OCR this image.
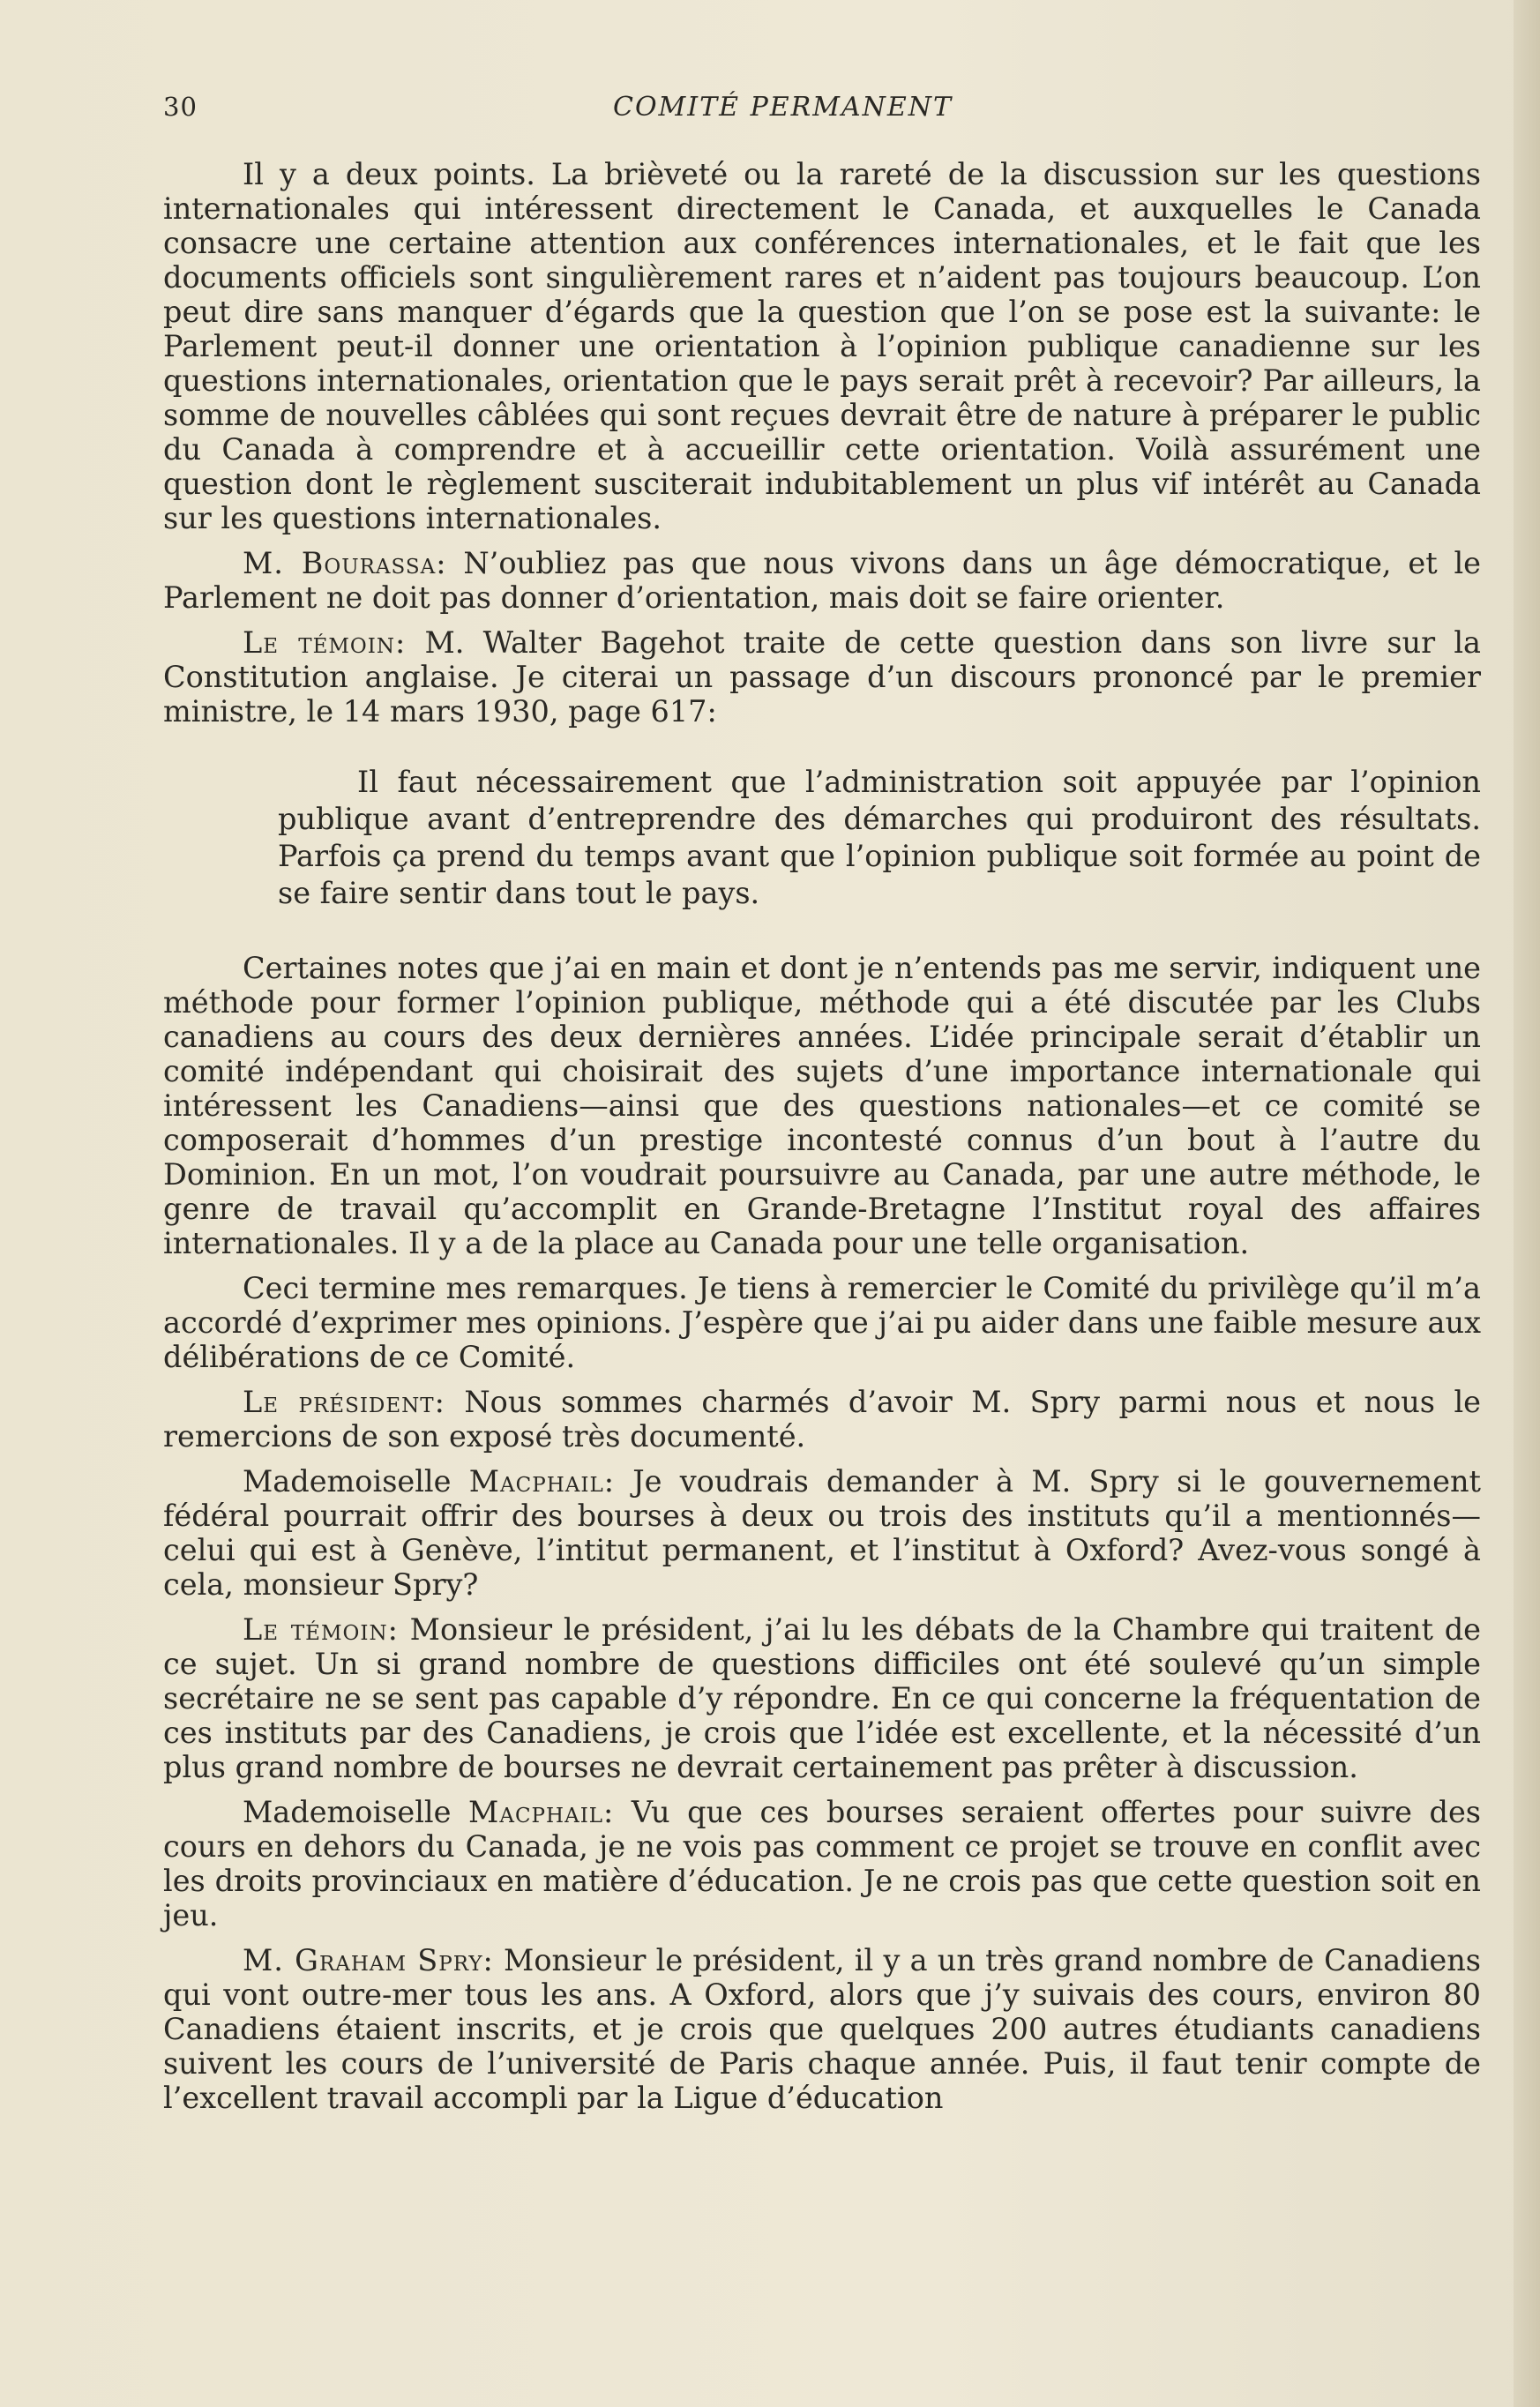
30	COMITÉ PERMANENT

Il y a deux points. La brièveté ou la rareté de la discussion sur les questions internationales qui intéressent directement le Canada, et auxquelles le Canada consacre une certaine attention aux conférences internationales, et le fait que les documents officiels sont singulièrement rares et n’aident pas toujours beaucoup. L’on peut dire sans manquer d’égards que la question que l’on se pose est la suivante: le Parlement peut-il donner une orientation à l’opinion publique canadienne sur les questions internationales, orientation que le pays serait prêt à recevoir? Par ailleurs, la somme de nouvelles câblées qui sont reçues devrait être de nature à préparer le public du Canada à comprendre et à accueillir cette orientation. Voilà assurément une question dont le règlement susciterait indubitablement un plus vif intérêt au Canada sur les questions internationales.

M. Bourassa: N’oubliez pas que nous vivons dans un âge démocratique, et le Parlement ne doit pas donner d’orientation, mais doit se faire orienter.

Le témoin: M. Walter Bagehot traite de cette question dans son livre sur la Constitution anglaise. Je citerai un passage d’un discours prononcé par le premier ministre, le 14 mars 1930, page 617:

Il faut nécessairement que l’administration soit appuyée par l’opinion publique avant d’entreprendre des démarches qui produiront des résultats. Parfois ça prend du temps avant que l’opinion publique soit formée au point de se faire sentir dans tout le pays.

Certaines notes que j’ai en main et dont je n’entends pas me servir, indiquent une méthode pour former l’opinion publique, méthode qui a été discutée par les Clubs canadiens au cours des deux dernières années. L’idée principale serait d’établir un comité indépendant qui choisirait des sujets d’une importance internationale qui intéressent les Canadiens—ainsi que des questions nationales—et ce comité se composerait d’hommes d’un prestige incontesté connus d’un bout à l’autre du Dominion. En un mot, l’on voudrait poursuivre au Canada, par une autre méthode, le genre de travail qu’accomplit en Grande-Bretagne l’Institut royal des affaires internationales. Il y a de la place au Canada pour une telle organisation.

Ceci termine mes remarques. Je tiens à remercier le Comité du privilège qu’il m’a accordé d’exprimer mes opinions. J’espère que j’ai pu aider dans une faible mesure aux délibérations de ce Comité.

Le président: Nous sommes charmés d’avoir M. Spry parmi nous et nous le remercions de son exposé très documenté.

Mademoiselle Macphail: Je voudrais demander à M. Spry si le gouvernement fédéral pourrait offrir des bourses à deux ou trois des instituts qu’il a mentionnés—celui qui est à Genève, l’intitut permanent, et l’institut à Oxford? Avez-vous songé à cela, monsieur Spry?

Le témoin: Monsieur le président, j’ai lu les débats de la Chambre qui traitent de ce sujet. Un si grand nombre de questions difficiles ont été soulevé qu’un simple secrétaire ne se sent pas capable d’y répondre. En ce qui concerne la fréquentation de ces instituts par des Canadiens, je crois que l’idée est excellente, et la nécessité d’un plus grand nombre de bourses ne devrait certainement pas prêter à discussion.

Mademoiselle Macphail: Vu que ces bourses seraient offertes pour suivre des cours en dehors du Canada, je ne vois pas comment ce projet se trouve en conflit avec les droits provinciaux en matière d’éducation. Je ne crois pas que cette question soit en jeu.

M. Graham Spry: Monsieur le président, il y a un très grand nombre de Canadiens qui vont outre-mer tous les ans. A Oxford, alors que j’y suivais des cours, environ 80 Canadiens étaient inscrits, et je crois que quelques 200 autres étudiants canadiens suivent les cours de l’université de Paris chaque année. Puis, il faut tenir compte de l’excellent travail accompli par la Ligue d’éducation
